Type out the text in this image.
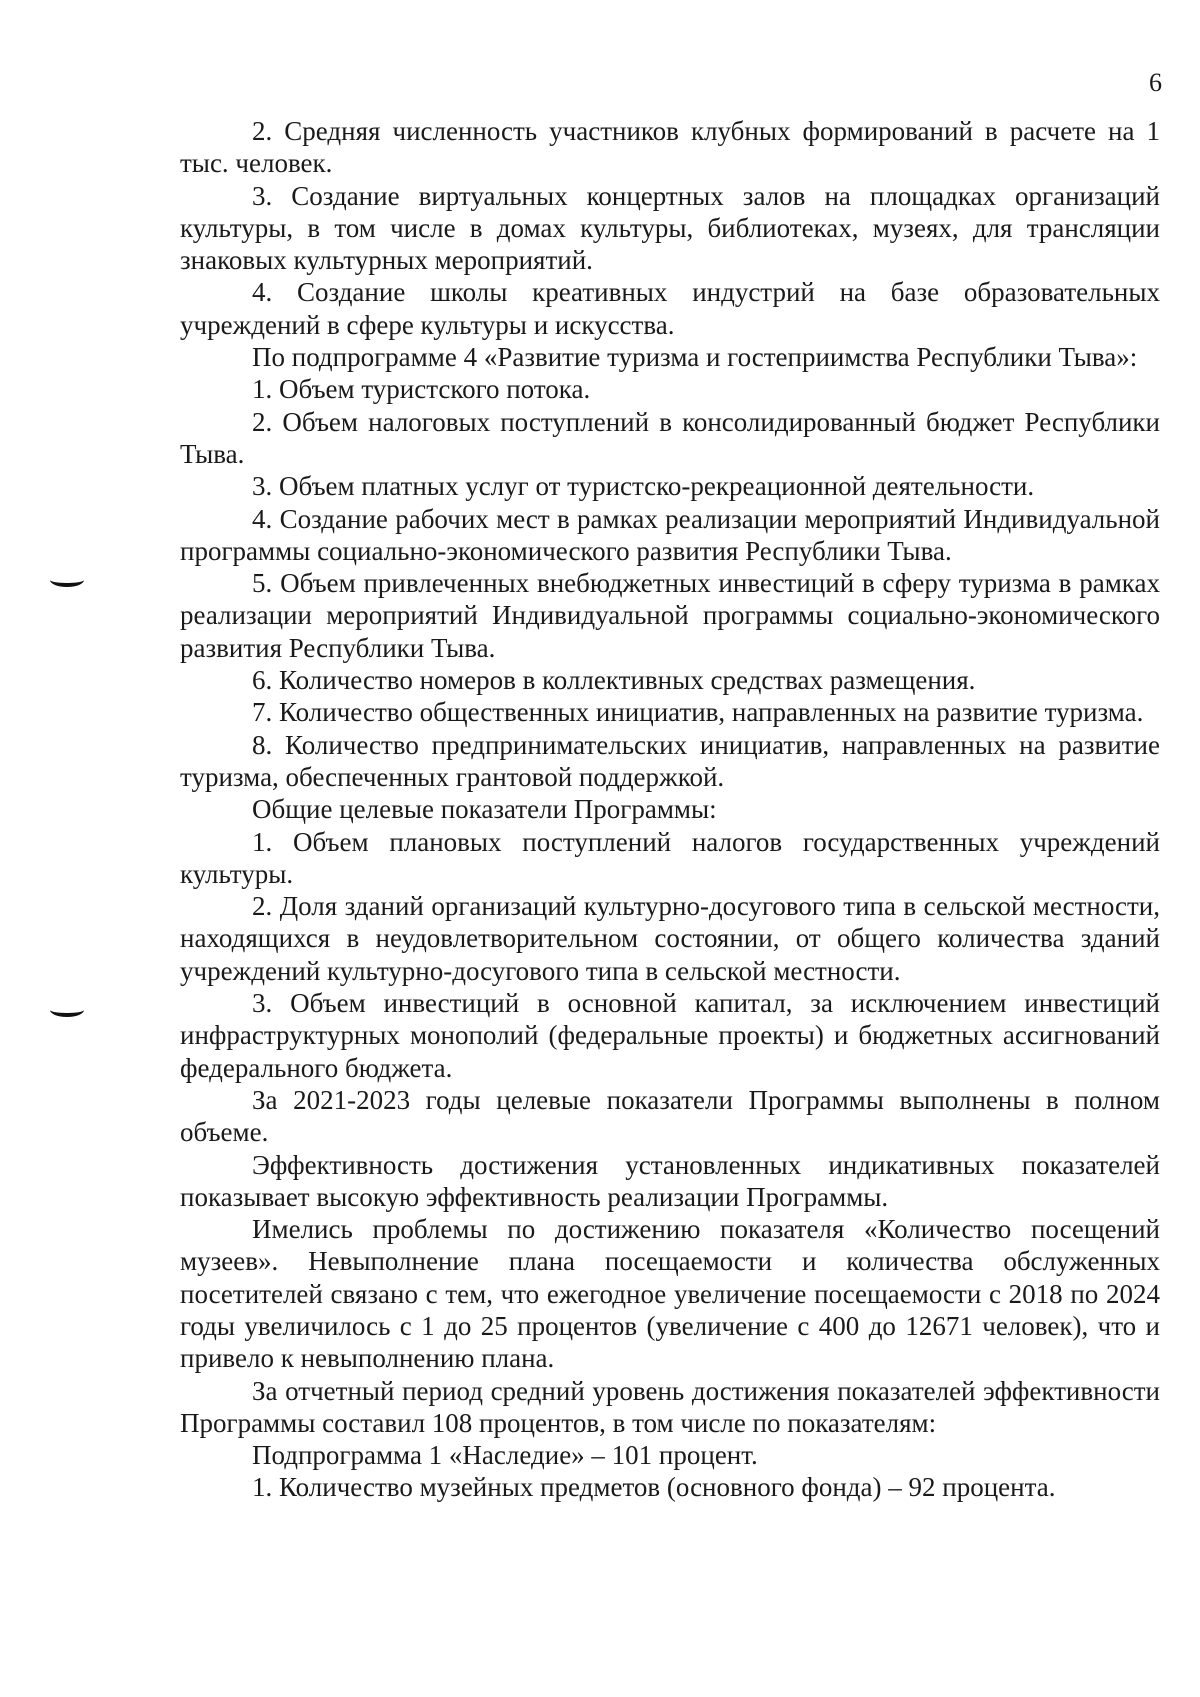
6

2. Средняя численность участников клубных формирований в расчете на 1 тыс. человек.

3. Создание виртуальных концертных залов на площадках организаций культуры, в том числе в домах культуры, библиотеках, музеях, для трансляции знаковых культурных мероприятий.

4. Создание школы креативных индустрий на базе образовательных учреждений в сфере культуры и искусства.

По подпрограмме 4 «Развитие туризма и гостеприимства Республики Тыва»:

1. Объем туристского потока.

2. Объем налоговых поступлений в консолидированный бюджет Республики Тыва.

3. Объем платных услуг от туристско-рекреационной деятельности.

4. Создание рабочих мест в рамках реализации мероприятий Индивидуальной программы социально-экономического развития Республики Тыва.

5. Объем привлеченных внебюджетных инвестиций в сферу туризма в рамках реализации мероприятий Индивидуальной программы социально-экономического развития Республики Тыва.

6. Количество номеров в коллективных средствах размещения.

7. Количество общественных инициатив, направленных на развитие туризма.

8. Количество предпринимательских инициатив, направленных на развитие туризма, обеспеченных грантовой поддержкой.

Общие целевые показатели Программы:

1. Объем плановых поступлений налогов государственных учреждений культуры.

2. Доля зданий организаций культурно-досугового типа в сельской местности, находящихся в неудовлетворительном состоянии, от общего количества зданий учреждений культурно-досугового типа в сельской местности.

3. Объем инвестиций в основной капитал, за исключением инвестиций инфраструктурных монополий (федеральные проекты) и бюджетных ассигнований федерального бюджета.

За 2021-2023 годы целевые показатели Программы выполнены в полном объеме.

Эффективность достижения установленных индикативных показателей показывает высокую эффективность реализации Программы.

Имелись проблемы по достижению показателя «Количество посещений музеев». Невыполнение плана посещаемости и количества обслуженных посетителей связано с тем, что ежегодное увеличение посещаемости с 2018 по 2024 годы увеличилось с 1 до 25 процентов (увеличение с 400 до 12671 человек), что и привело к невыполнению плана.

За отчетный период средний уровень достижения показателей эффективности Программы составил 108 процентов, в том числе по показателям:

Подпрограмма 1 «Наследие» – 101 процент.

1. Количество музейных предметов (основного фонда) – 92 процента.
